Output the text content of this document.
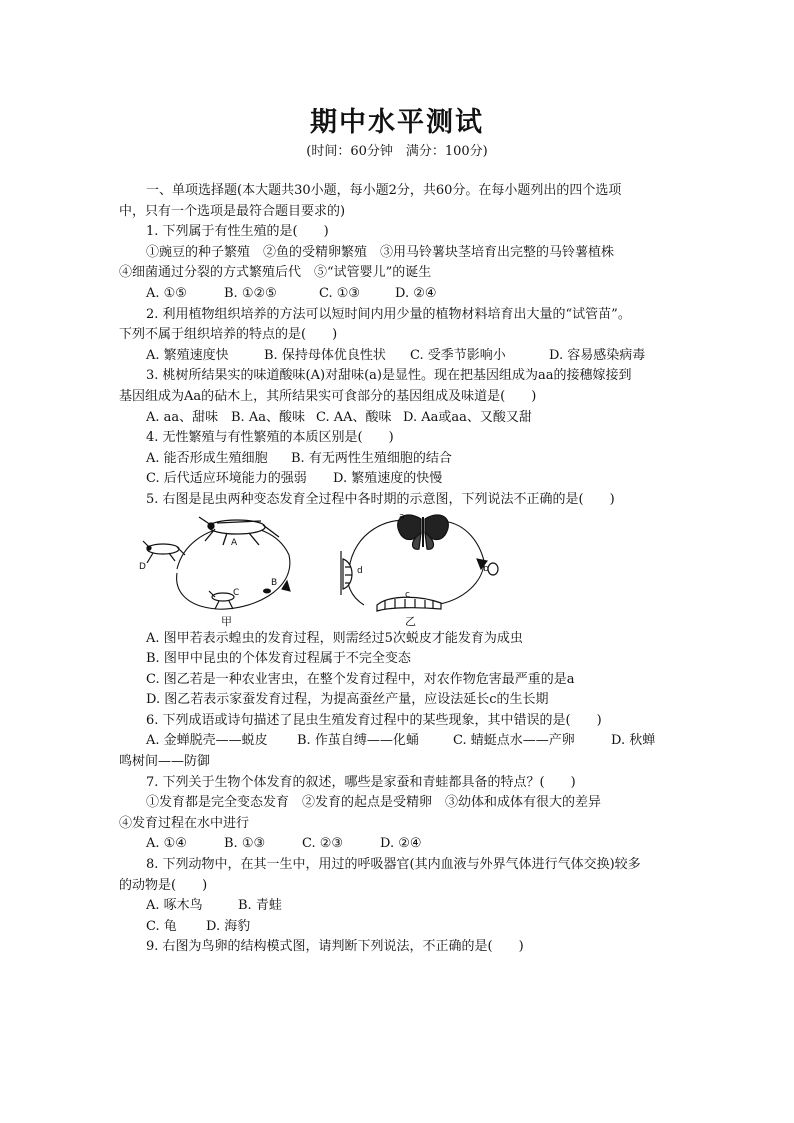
期中水平测试
(时间：60分钟　满分：100分)
一、单项选择题(本大题共30小题，每小题2分，共60分。在每小题列出的四个选项
中，只有一个选项是最符合题目要求的)
1. 下列属于有性生殖的是(　　)
①豌豆的种子繁殖　②鱼的受精卵繁殖　③用马铃薯块茎培育出完整的马铃薯植株
④细菌通过分裂的方式繁殖后代　⑤“试管婴儿”的诞生
A. ①⑤	B. ①②⑤	C. ①③	D. ②④
2. 利用植物组织培养的方法可以短时间内用少量的植物材料培育出大量的“试管苗”。
下列不属于组织培养的特点的是(　　)
A. 繁殖速度快	B. 保持母体优良性状 C. 受季节影响小	D. 容易感染病毒
3. 桃树所结果实的味道酸味(A)对甜味(a)是显性。现在把基因组成为aa的接穗嫁接到
基因组成为Aa的砧木上，其所结果实可食部分的基因组成及味道是(　　)
A. aa、甜味 B. Aa、酸味 C. AA、酸味 D. Aa或aa、又酸又甜
4. 无性繁殖与有性繁殖的本质区别是(　　)
A. 能否形成生殖细胞 B. 有无两性生殖细胞的结合
C. 后代适应环境能力的强弱 D. 繁殖速度的快慢
5. 右图是昆虫两种变态发育全过程中各时期的示意图，下列说法不正确的是(　　)
A
B
C
D
甲
a
b
c
d
乙
A. 图甲若表示蝗虫的发育过程，则需经过5次蜕皮才能发育为成虫
B. 图甲中昆虫的个体发育过程属于不完全变态
C. 图乙若是一种农业害虫，在整个发育过程中，对农作物危害最严重的是a
D. 图乙若表示家蚕发育过程，为提高蚕丝产量，应设法延长c的生长期
6. 下列成语或诗句描述了昆虫生殖发育过程中的某些现象，其中错误的是(　　)
A. 金蝉脱壳——蜕皮 B. 作茧自缚——化蛹	C. 蜻蜓点水——产卵	D. 秋蝉
鸣树间——防御
7. 下列关于生物个体发育的叙述，哪些是家蚕和青蛙都具备的特点？(　　)
①发育都是完全变态发育　②发育的起点是受精卵　③幼体和成体有很大的差异
④发育过程在水中进行
A. ①④	B. ①③	C. ②③	D. ②④
8. 下列动物中，在其一生中，用过的呼吸器官(其内血液与外界气体进行气体交换)较多
的动物是(　　)
A. 啄木鸟	B. 青蛙
C. 龟 D. 海豹
9. 右图为鸟卵的结构模式图，请判断下列说法，不正确的是(　　)
